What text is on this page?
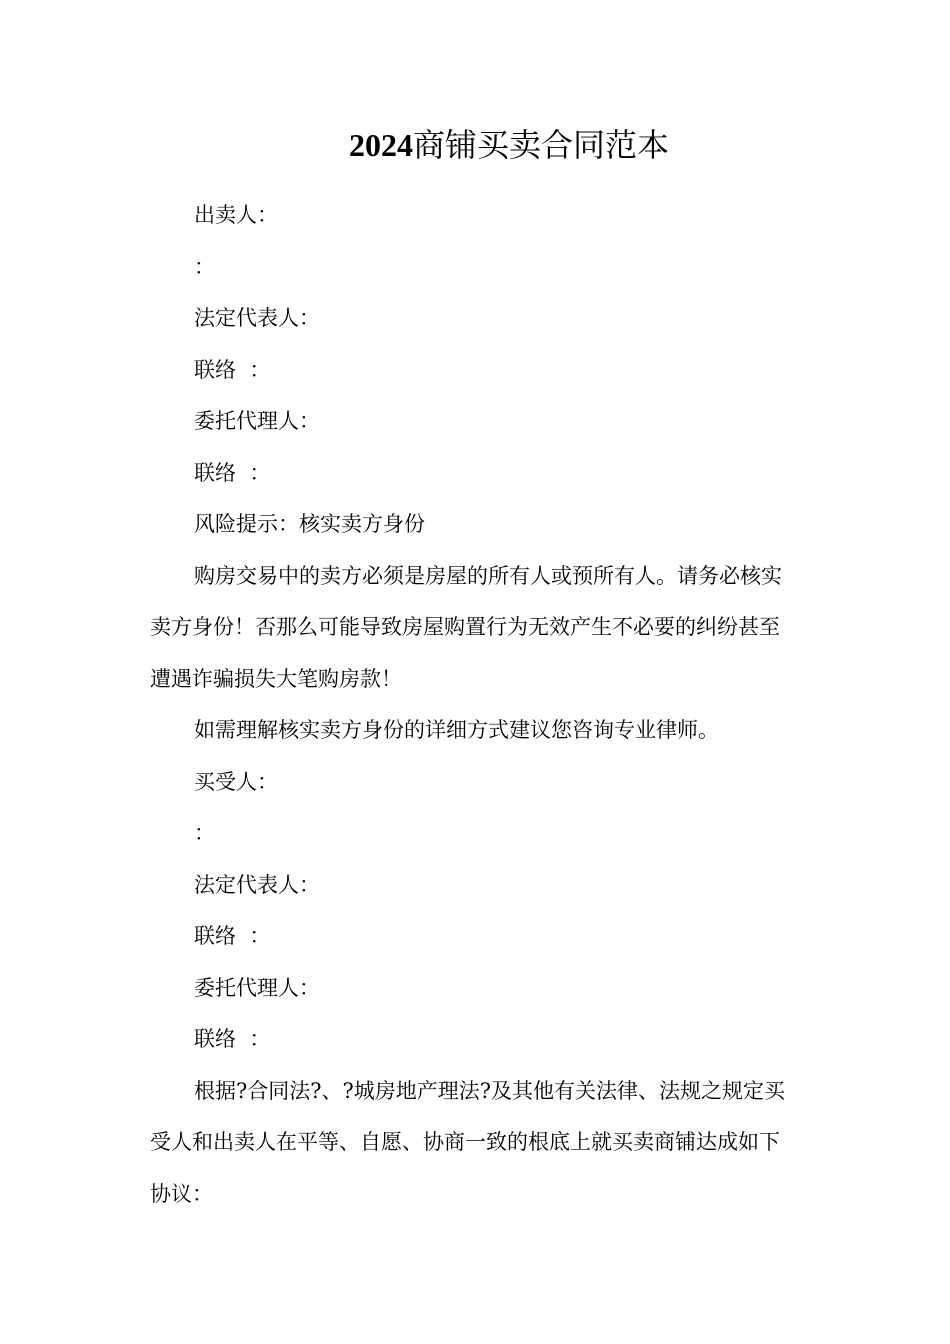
2024商铺买卖合同范本

出卖人：

：

法定代表人：

联络  ：

委托代理人：

联络  ：

风险提示：核实卖方身份

购房交易中的卖方必须是房屋的所有人或预所有人。请务必核实卖方身份！否那么可能导致房屋购置行为无效产生不必要的纠纷甚至遭遇诈骗损失大笔购房款！

如需理解核实卖方身份的详细方式建议您咨询专业律师。

买受人：

：

法定代表人：

联络  ：

委托代理人：

联络  ：

根据?合同法?、?城房地产理法?及其他有关法律、法规之规定买受人和出卖人在平等、自愿、协商一致的根底上就买卖商铺达成如下协议：
